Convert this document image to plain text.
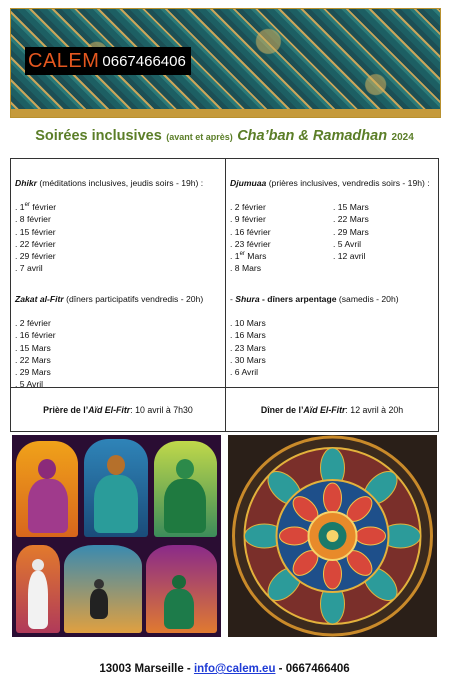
CALEM 0667466406
Soirées inclusives (avant et après) Cha’ban & Ramadhan 2024
Dhikr (méditations inclusives, jeudis soirs - 19h) :
. 1er février
. 8 février
. 15 février
. 22 février
. 29 février
. 7 avril
Djumuaa (prières inclusives, vendredis soirs - 19h) :
. 2 février
. 9 février
. 16 février
. 23 février
. 1er Mars
. 8 Mars
. 15 Mars
. 22 Mars
. 29 Mars
. 5 Avril
. 12 avril
Zakat al-Fitr (dîners participatifs vendredis - 20h)
. 2 février
. 16 février
. 15 Mars
. 22 Mars
. 29 Mars
. 5 Avril
- Shura - dîners arpentage (samedis - 20h)
. 10 Mars
. 16 Mars
. 23 Mars
. 30 Mars
. 6 Avril
Prière de l’ Aïd El-Fitr : 10 avril à 7h30	Dîner de l’ Aïd El-Fitr : 12 avril à 20h
13003 Marseille - info@calem.eu - 0667466406
